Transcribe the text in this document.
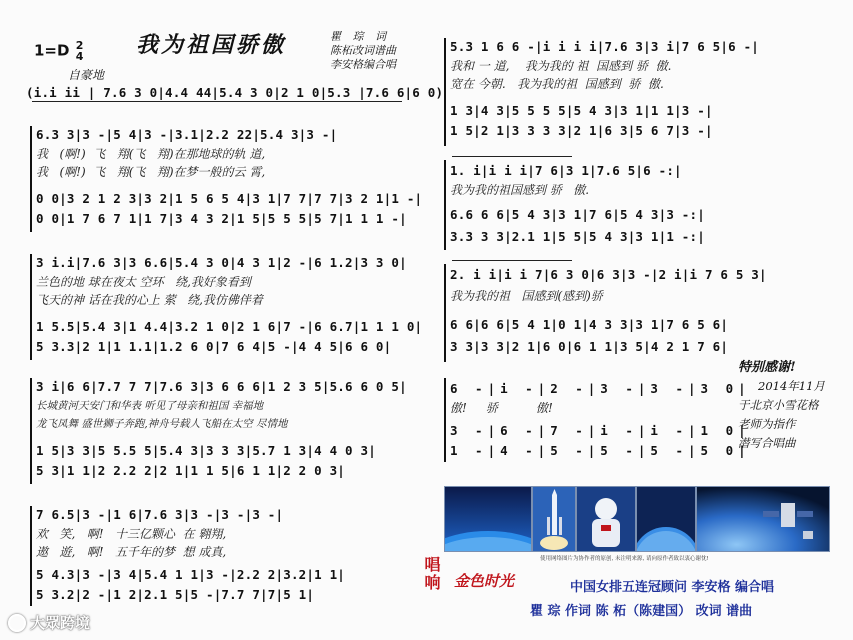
1=D 2
4
自豪地
我为祖国骄傲	瞿 琮 词
陈柘改词谱曲
李安格编合唱
(i.i ii | 7.6 3 0|4.4 44|5.4 3 0|2 1 0|5.3 |7.6 6|6 0)
6.3 3|3 -|5 4|3 -|3.1|2.2 22|5.4 3|3 -|
我   (啊!)  飞   翔(飞   翔)在那地球的轨 道,
我   (啊!)  飞   翔(飞   翔)在梦一般的云 霄,
0 0|3 2 1 2 3|3 2|1 5 6 5 4|3 1|7 7|7 7|3 2 1|1 -|
0 0|1 7 6 7 1|1 7|3 4 3 2|1 5|5 5 5|5 7|1 1 1 -|
3 i.i|7.6 3|3 6.6|5.4 3 0|4 3 1|2 -|6 1.2|3 3 0|
兰色的地 球在夜太 空环   绕,我好象看到
飞天的神 话在我的心上 萦   绕,我仿佛伴着
1 5.5|5.4 3|1 4.4|3.2 1 0|2 1 6|7 -|6 6.7|1 1 1 0|
5 3.3|2 1|1 1.1|1.2 6 0|7 6 4|5 -|4 4 5|6 6 0|
3 i|6 6|7.7 7 7|7.6 3|3 6 6 6|1 2 3 5|5.6 6 0 5|
长城黄河天安门和华表 听见了母亲和祖国 幸福地
龙飞凤舞 盛世狮子奔跑,神舟号载人飞船在太空 尽情地
1 5|3 3|5 5.5 5|5.4 3|3 3 3|5.7 1 3|4 4 0 3|
5 3|1 1|2 2.2 2|2 1|1 1 5|6 1 1|2 2 0 3|
7 6.5|3 -|1 6|7.6 3|3 -|3 -|3 -|
欢   笑,   啊!   十三亿颗心  在 翱翔,
遨   遊,   啊!   五千年的梦  想 成真,
5 4.3|3 -|3 4|5.4 1 1|3 -|2.2 2|3.2|1 1|
5 3.2|2 -|1 2|2.1 5|5 -|7.7 7|7|5 1|
5.3 1 6 6 -|i i i i|7.6 3|3 i|7 6 5|6 -|
我和 一 道,    我为我的 祖  国感到 骄  傲.
宽在 今朝.   我为我的祖  国感到  骄  傲.
1 3|4 3|5 5 5 5|5 4 3|3 1|1 1|3 -|
1 5|2 1|3 3 3 3|2 1|6 3|5 6 7|3 -|
1. i|i i i|7 6|3 1|7.6 5|6 -:|
我为我的祖国感到 骄   傲.
6.6 6 6|5 4 3|3 1|7 6|5 4 3|3 -:|
3.3 3 3|2.1 1|5 5|5 4 3|3 1|1 -:|
2. i i|i i 7|6 3 0|6 3|3 -|2 i|i 7 6 5 3|
我为我的祖   国感到(感到)骄
6 6|6 6|5 4 1|0 1|4 3 3|3 1|7 6 5 6|
3 3|3 3|2 1|6 0|6 1 1|3 5|4 2 1 7 6|
6 -|i -|2 -|3 -|3 -|3 0|
傲!     骄          傲!
3 -|6 -|7 -|i -|i -|1 0|
1 -|4 -|5 -|5 -|5 -|5 0|
特别感谢!
2014年11月
于北京小雪花格
老师为指作
潜写合唱曲
使用网络图片为协作者的原创, 未注明来源, 请向原作者致以衷心谢忱!
唱响 金色时光	中国女排五连冠顾问 李安格 编合唱
瞿 琮 作词 陈 柘（陈建国） 改词 谱曲
大眾跨境
